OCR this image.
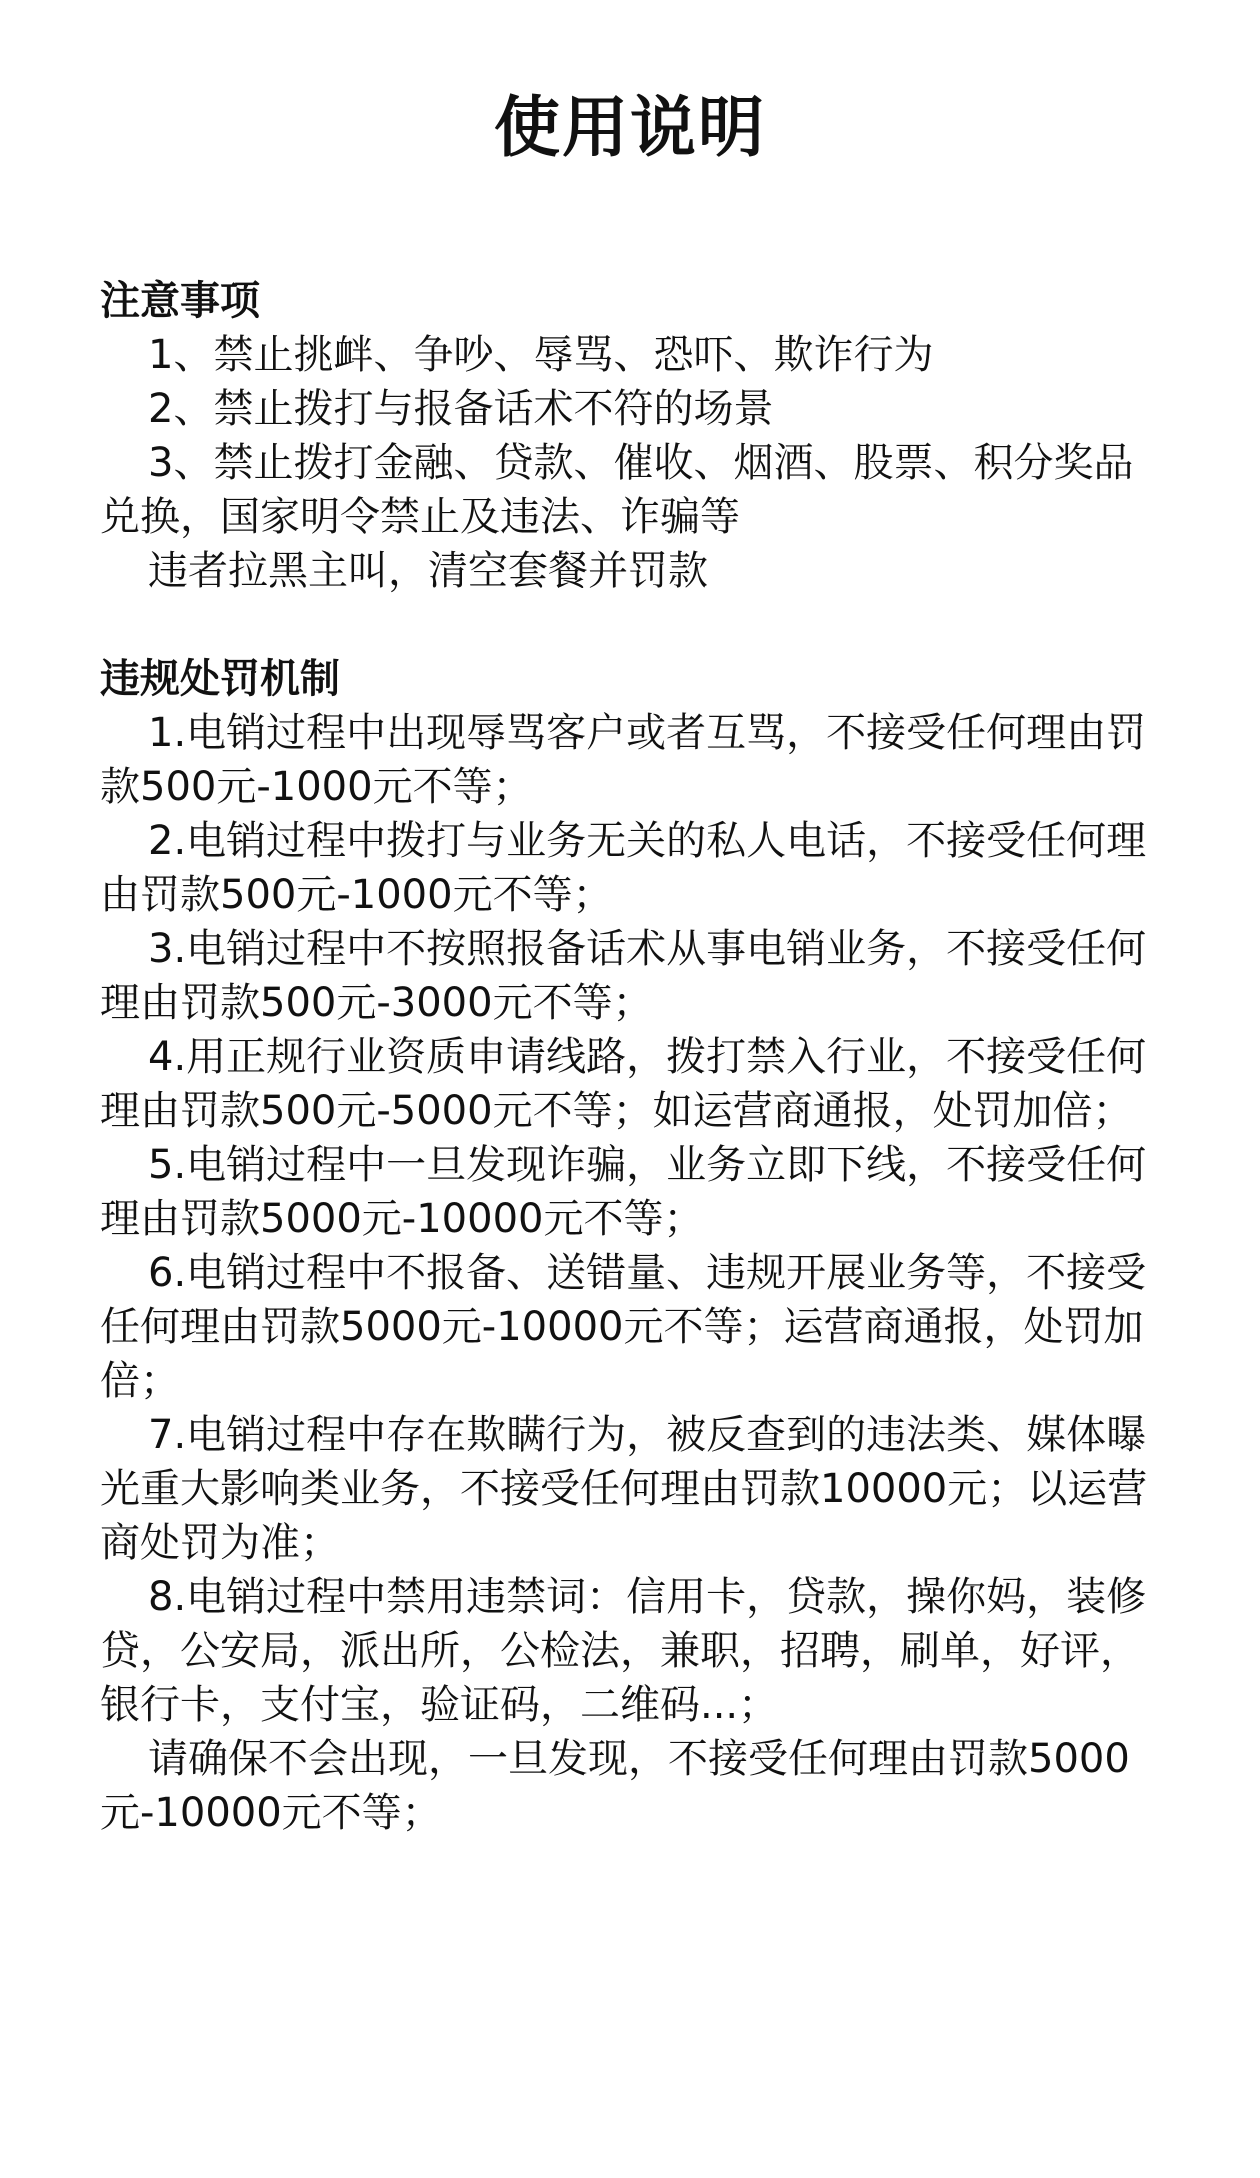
使用说明

注意事项

1、禁止挑衅、争吵、辱骂、恐吓、欺诈行为

2、禁止拨打与报备话术不符的场景

3、禁止拨打金融、贷款、催收、烟酒、股票、积分奖品兑换，国家明令禁止及违法、诈骗等

违者拉黑主叫，清空套餐并罚款

违规处罚机制

1.电销过程中出现辱骂客户或者互骂，不接受任何理由罚款500元-1000元不等；

2.电销过程中拨打与业务无关的私人电话，不接受任何理由罚款500元-1000元不等；

3.电销过程中不按照报备话术从事电销业务，不接受任何理由罚款500元-3000元不等；

4.用正规行业资质申请线路，拨打禁入行业，不接受任何理由罚款500元-5000元不等；如运营商通报，处罚加倍；

5.电销过程中一旦发现诈骗，业务立即下线，不接受任何理由罚款5000元-10000元不等；

6.电销过程中不报备、送错量、违规开展业务等，不接受任何理由罚款5000元-10000元不等；运营商通报，处罚加倍；

7.电销过程中存在欺瞒行为，被反查到的违法类、媒体曝光重大影响类业务，不接受任何理由罚款10000元；以运营商处罚为准；

8.电销过程中禁用违禁词：信用卡，贷款，操你妈，装修贷，公安局，派出所，公检法，兼职，招聘，刷单，好评，银行卡，支付宝，验证码，二维码...；

请确保不会出现，一旦发现，不接受任何理由罚款5000元-10000元不等；
